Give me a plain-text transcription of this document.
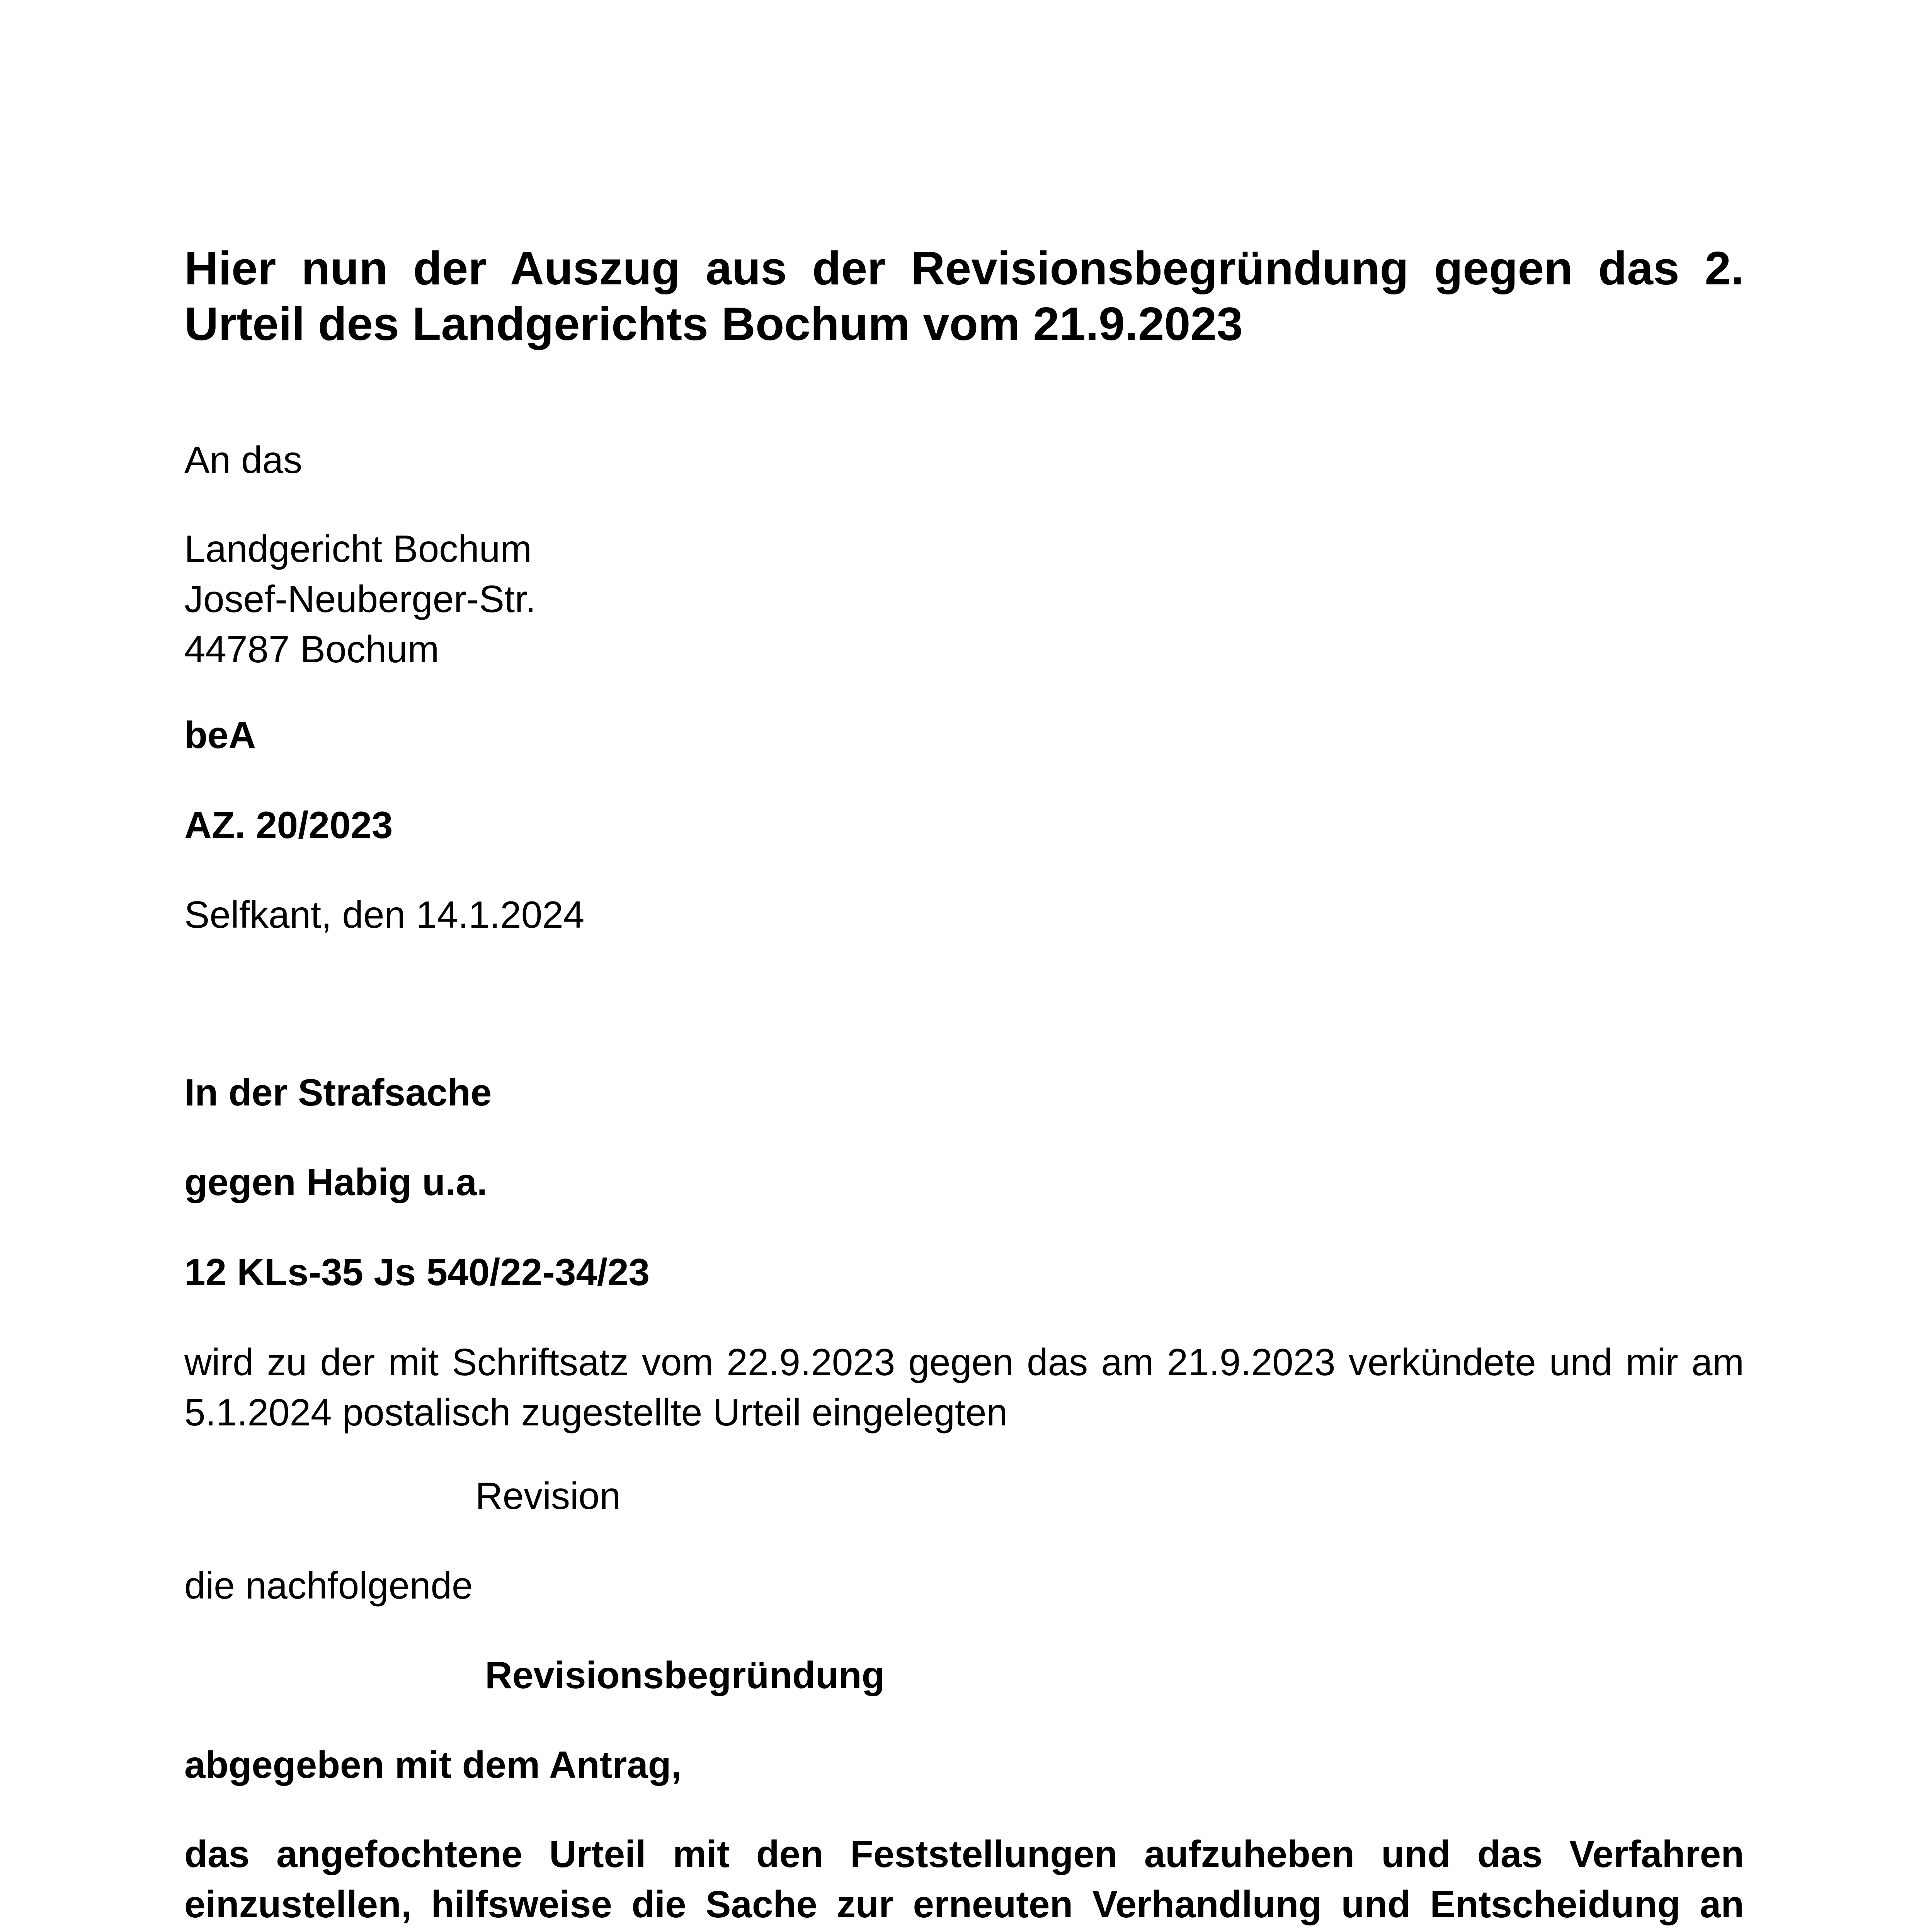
Hier nun der Auszug aus der Revisionsbegründung gegen das 2. Urteil des Landgerichts Bochum vom 21.9.2023

An das

Landgericht Bochum
Josef-Neuberger-Str.
44787 Bochum

beA

AZ. 20/2023

Selfkant, den 14.1.2024

In der Strafsache

gegen Habig u.a.

12 KLs-35 Js 540/22-34/23

wird zu der mit Schriftsatz vom 22.9.2023 gegen das am 21.9.2023 verkündete und mir am 5.1.2024 postalisch zugestellte Urteil eingelegten

Revision

die nachfolgende

Revisionsbegründung

abgegeben mit dem Antrag,

das angefochtene Urteil mit den Feststellungen aufzuheben und das Verfahren einzustellen, hilfsweise die Sache zur erneuten Verhandlung und Entscheidung an
